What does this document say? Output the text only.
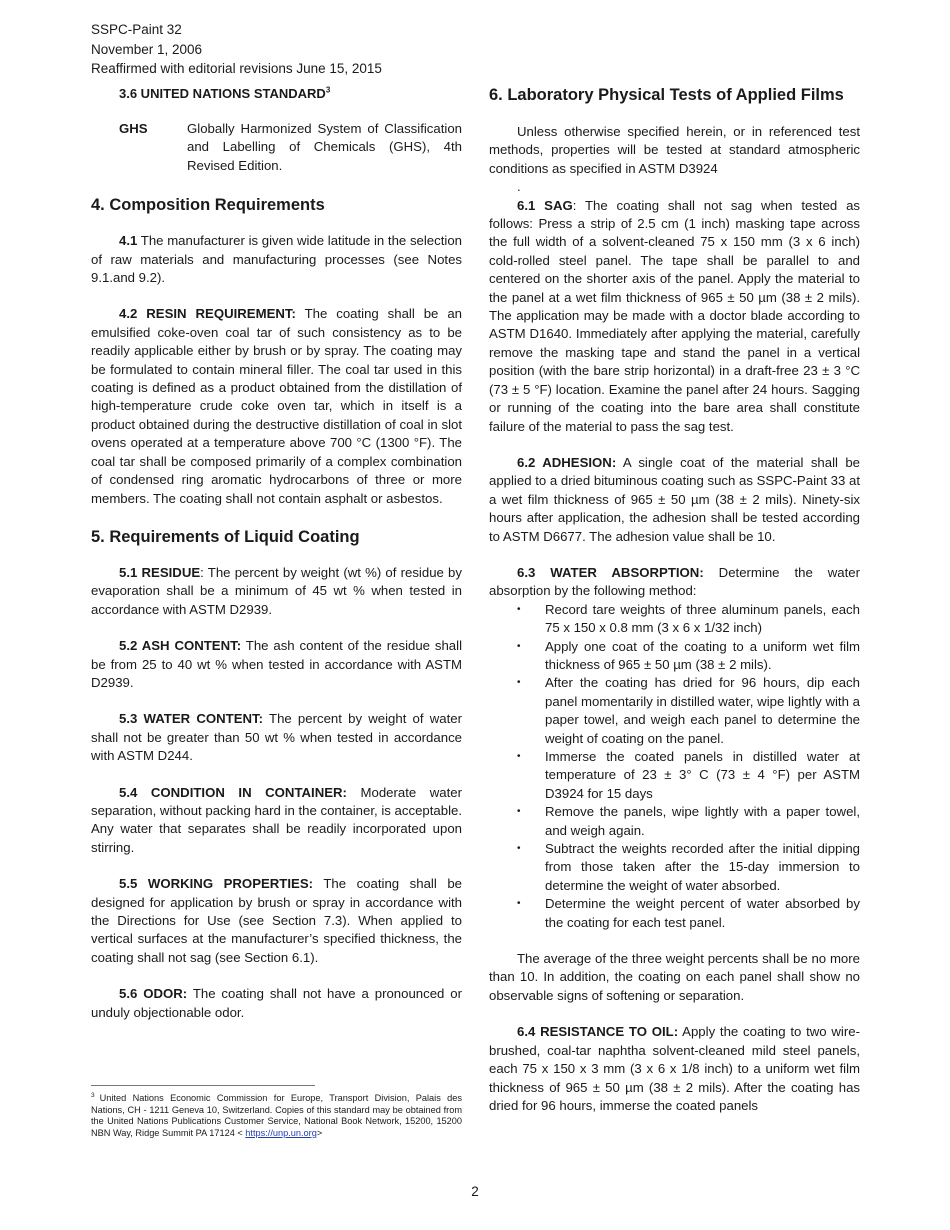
SSPC-Paint 32
November 1, 2006
Reaffirmed with editorial revisions June 15, 2015

3.6 UNITED NATIONS STANDARD$^3$

GHS	Globally Harmonized System of Classification and Labelling of Chemicals (GHS), 4th Revised Edition.
4. Composition Requirements

4.1 The manufacturer is given wide latitude in the selection of raw materials and manufacturing processes (see Notes 9.1.and 9.2).

4.2 RESIN REQUIREMENT: The coating shall be an emulsified coke-oven coal tar of such consistency as to be readily applicable either by brush or by spray. The coating may be formulated to contain mineral filler. The coal tar used in this coating is defined as a product obtained from the distillation of high-temperature crude coke oven tar, which in itself is a product obtained during the destructive distillation of coal in slot ovens operated at a temperature above 700 °C (1300 °F). The coal tar shall be composed primarily of a complex combination of condensed ring aromatic hydrocarbons of three or more members. The coating shall not contain asphalt or asbestos.

5. Requirements of Liquid Coating

5.1 RESIDUE: The percent by weight (wt %) of residue by evaporation shall be a minimum of 45 wt % when tested in accordance with ASTM D2939.

5.2 ASH CONTENT: The ash content of the residue shall be from 25 to 40 wt % when tested in accordance with ASTM D2939.

5.3 WATER CONTENT: The percent by weight of water shall not be greater than 50 wt % when tested in accordance with ASTM D244.

5.4 CONDITION IN CONTAINER: Moderate water separation, without packing hard in the container, is acceptable. Any water that separates shall be readily incorporated upon stirring.

5.5 WORKING PROPERTIES: The coating shall be designed for application by brush or spray in accordance with the Directions for Use (see Section 7.3). When applied to vertical surfaces at the manufacturer’s specified thickness, the coating shall not sag (see Section 6.1).

5.6 ODOR: The coating shall not have a pronounced or unduly objectionable odor.

6. Laboratory Physical Tests of Applied Films

Unless otherwise specified herein, or in referenced test methods, properties will be tested at standard atmospheric conditions as specified in ASTM D3924

.

6.1 SAG: The coating shall not sag when tested as follows: Press a strip of 2.5 cm (1 inch) masking tape across the full width of a solvent-cleaned 75 x 150 mm (3 x 6 inch) cold-rolled steel panel. The tape shall be parallel to and centered on the shorter axis of the panel. Apply the material to the panel at a wet film thickness of 965 ± 50 µm (38 ± 2 mils). The application may be made with a doctor blade according to ASTM D1640. Immediately after applying the material, carefully remove the masking tape and stand the panel in a vertical position (with the bare strip horizontal) in a draft-free 23 ± 3 °C (73 ± 5 °F) location. Examine the panel after 24 hours. Sagging or running of the coating into the bare area shall constitute failure of the material to pass the sag test.

6.2 ADHESION: A single coat of the material shall be applied to a dried bituminous coating such as SSPC-Paint 33 at a wet film thickness of 965 ± 50 µm (38 ± 2 mils). Ninety-six hours after application, the adhesion shall be tested according to ASTM D6677. The adhesion value shall be 10.

6.3 WATER ABSORPTION: Determine the water absorption by the following method:

• Record tare weights of three aluminum panels, each 75 x 150 x 0.8 mm (3 x 6 x 1/32 inch)
• Apply one coat of the coating to a uniform wet film thickness of 965 ± 50 µm (38 ± 2 mils).
• After the coating has dried for 96 hours, dip each panel momentarily in distilled water, wipe lightly with a paper towel, and weigh each panel to determine the weight of coating on the panel.
• Immerse the coated panels in distilled water at temperature of 23 ± 3° C (73 ± 4 °F) per ASTM D3924 for 15 days
• Remove the panels, wipe lightly with a paper towel, and weigh again.
• Subtract the weights recorded after the initial dipping from those taken after the 15-day immersion to determine the weight of water absorbed.
• Determine the weight percent of water absorbed by the coating for each test panel.

The average of the three weight percents shall be no more than 10. In addition, the coating on each panel shall show no observable signs of softening or separation.

6.4 RESISTANCE TO OIL: Apply the coating to two wire-brushed, coal-tar naphtha solvent-cleaned mild steel panels, each 75 x 150 x 3 mm (3 x 6 x 1/8 inch) to a uniform wet film thickness of 965 ± 50 µm (38 ± 2 mils). After the coating has dried for 96 hours, immerse the coated panels

$^3$ United Nations Economic Commission for Europe, Transport Division, Palais des Nations, CH - 1211 Geneva 10, Switzerland. Copies of this standard may be obtained from the United Nations Publications Customer Service, National Book Network, 15200, 15200 NBN Way, Ridge Summit PA 17124 < https://unp.un.org>
2
